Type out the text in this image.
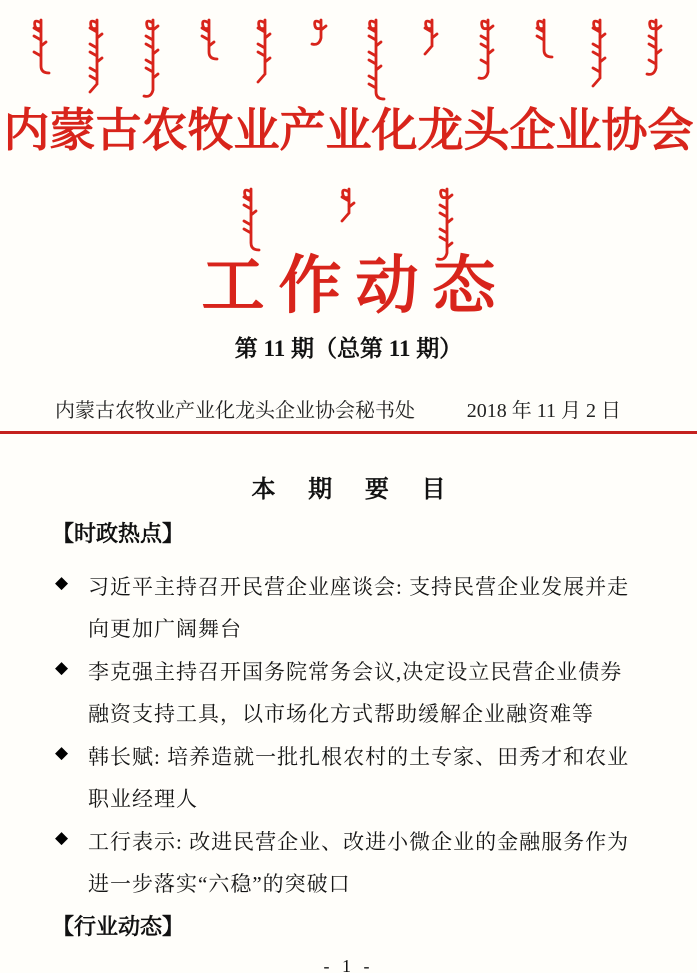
内蒙古农牧业产业化龙头企业协会
工作动态
第 11 期（总第 11 期）
内蒙古农牧业产业化龙头企业协会秘书处	2018 年 11 月 2 日
本 期 要 目
【时政热点】
◆ 习近平主持召开民营企业座谈会: 支持民营企业发展并走
向更加广阔舞台
◆ 李克强主持召开国务院常务会议,决定设立民营企业债券
融资支持工具，以市场化方式帮助缓解企业融资难等
◆ 韩长赋: 培养造就一批扎根农村的土专家、田秀才和农业
职业经理人
◆ 工行表示: 改进民营企业、改进小微企业的金融服务作为
进一步落实“六稳”的突破口
【行业动态】
- 1 -
